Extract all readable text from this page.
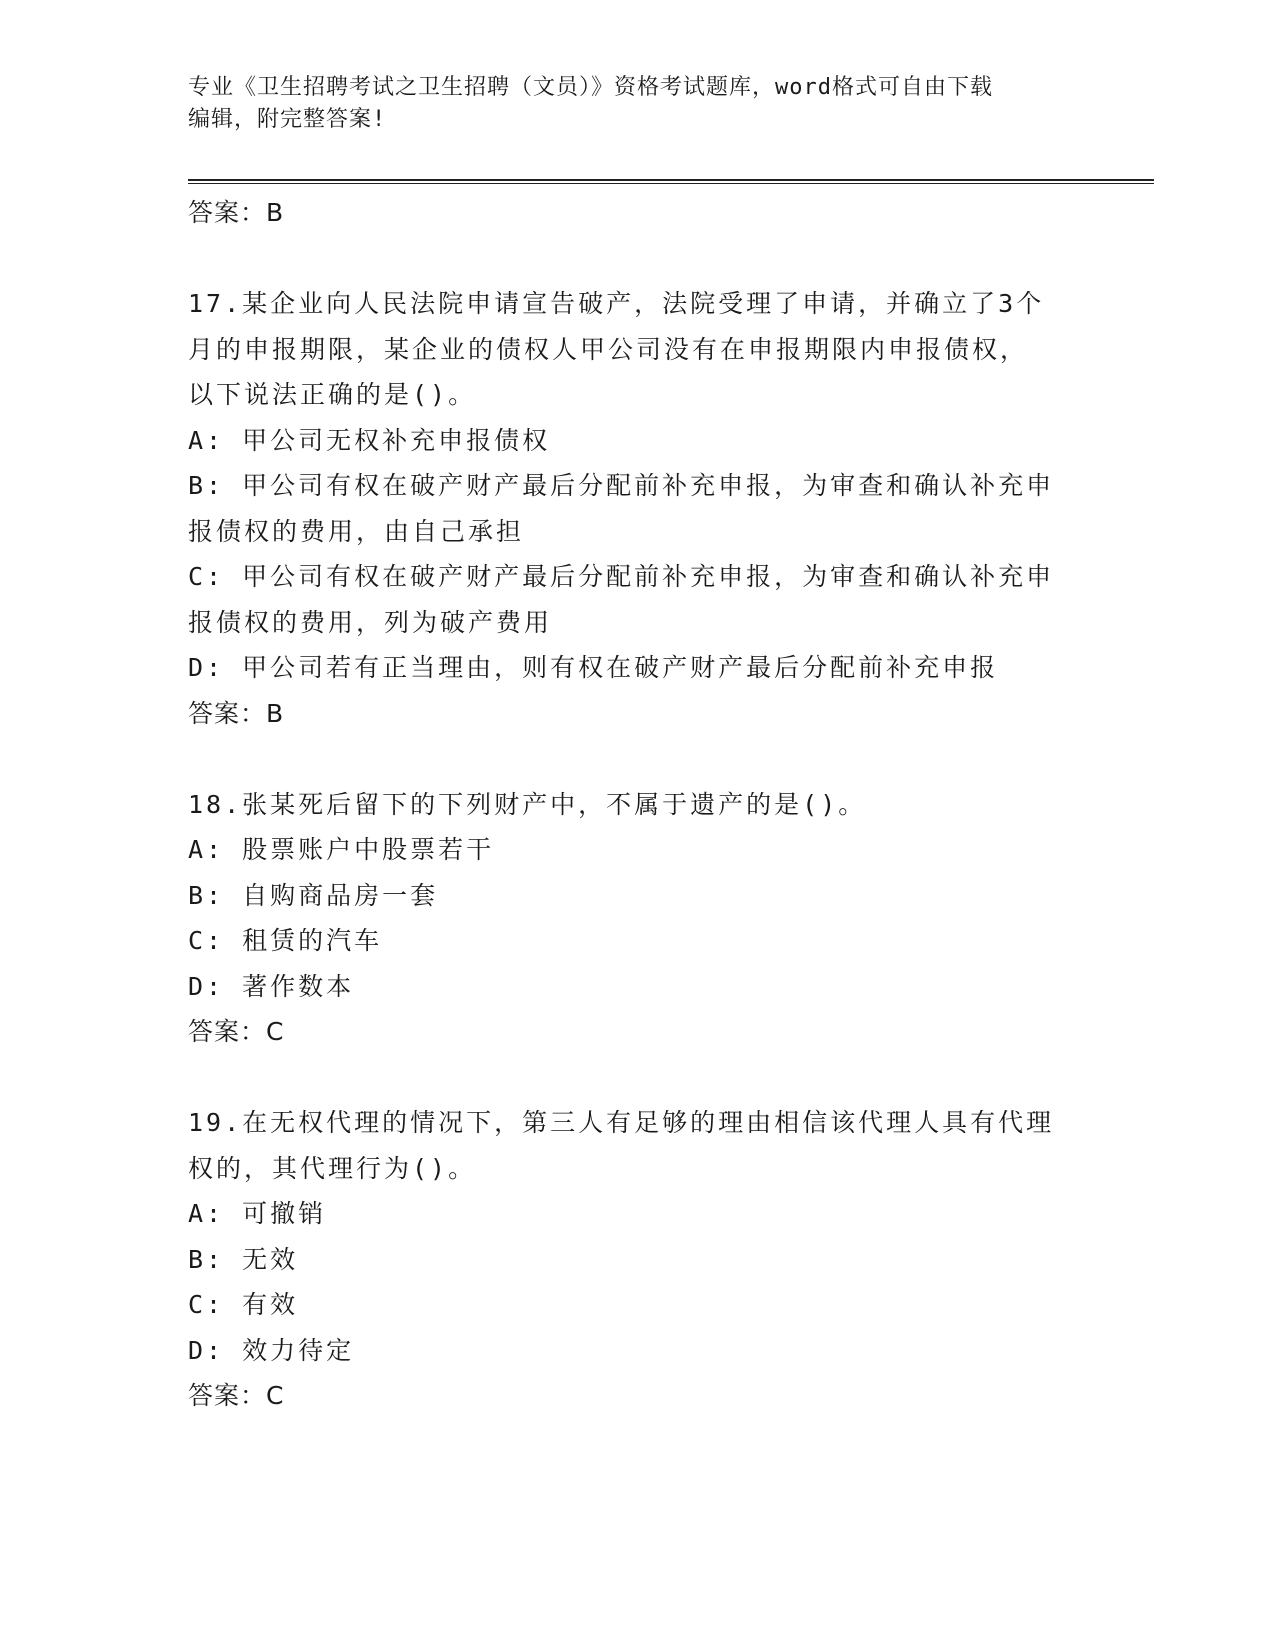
专业《卫生招聘考试之卫生招聘（文员）》资格考试题库，word格式可自由下载
编辑，附完整答案!

答案：B

17.某企业向人民法院申请宣告破产，法院受理了申请，并确立了3个

月的申报期限，某企业的债权人甲公司没有在申报期限内申报债权，

以下说法正确的是()。

A: 甲公司无权补充申报债权

B: 甲公司有权在破产财产最后分配前补充申报，为审查和确认补充申

报债权的费用，由自己承担

C: 甲公司有权在破产财产最后分配前补充申报，为审查和确认补充申

报债权的费用，列为破产费用

D: 甲公司若有正当理由，则有权在破产财产最后分配前补充申报

答案：B

18.张某死后留下的下列财产中，不属于遗产的是()。

A: 股票账户中股票若干

B: 自购商品房一套

C: 租赁的汽车

D: 著作数本

答案：C

19.在无权代理的情况下，第三人有足够的理由相信该代理人具有代理

权的，其代理行为()。

A: 可撤销

B: 无效

C: 有效

D: 效力待定

答案：C
